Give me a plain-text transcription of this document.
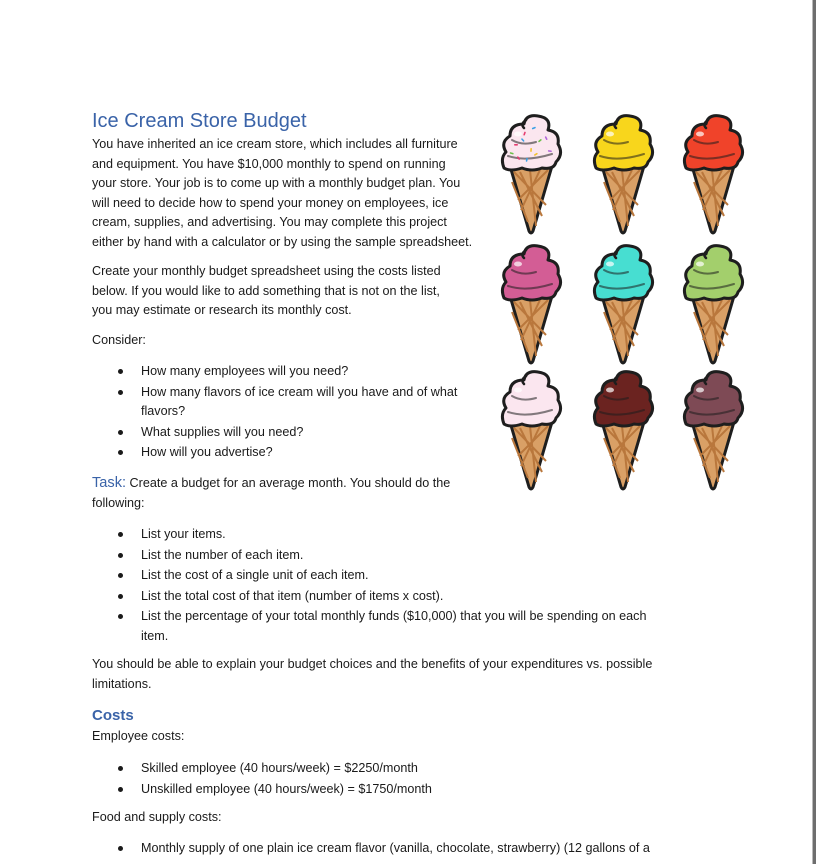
Ice Cream Store Budget
You have inherited an ice cream store, which includes all furniture
and equipment. You have $10,000 monthly to spend on running
your store. Your job is to come up with a monthly budget plan. You
will need to decide how to spend your money on employees, ice
cream, supplies, and advertising. You may complete this project
either by hand with a calculator or by using the sample spreadsheet.
Create your monthly budget spreadsheet using the costs listed
below. If you would like to add something that is not on the list,
you may estimate or research its monthly cost.
Consider:
How many employees will you need?
How many flavors of ice cream will you have and of what
flavors?
What supplies will you need?
How will you advertise?
Task: Create a budget for an average month. You should do the
following:
List your items.
List the number of each item.
List the cost of a single unit of each item.
List the total cost of that item (number of items x cost).
List the percentage of your total monthly funds ($10,000) that you will be spending on each
item.
You should be able to explain your budget choices and the benefits of your expenditures vs. possible
limitations.
Costs
Employee costs:
Skilled employee (40 hours/week) = $2250/month
Unskilled employee (40 hours/week) = $1750/month
Food and supply costs:
Monthly supply of one plain ice cream flavor (vanilla, chocolate, strawberry) (12 gallons of a
